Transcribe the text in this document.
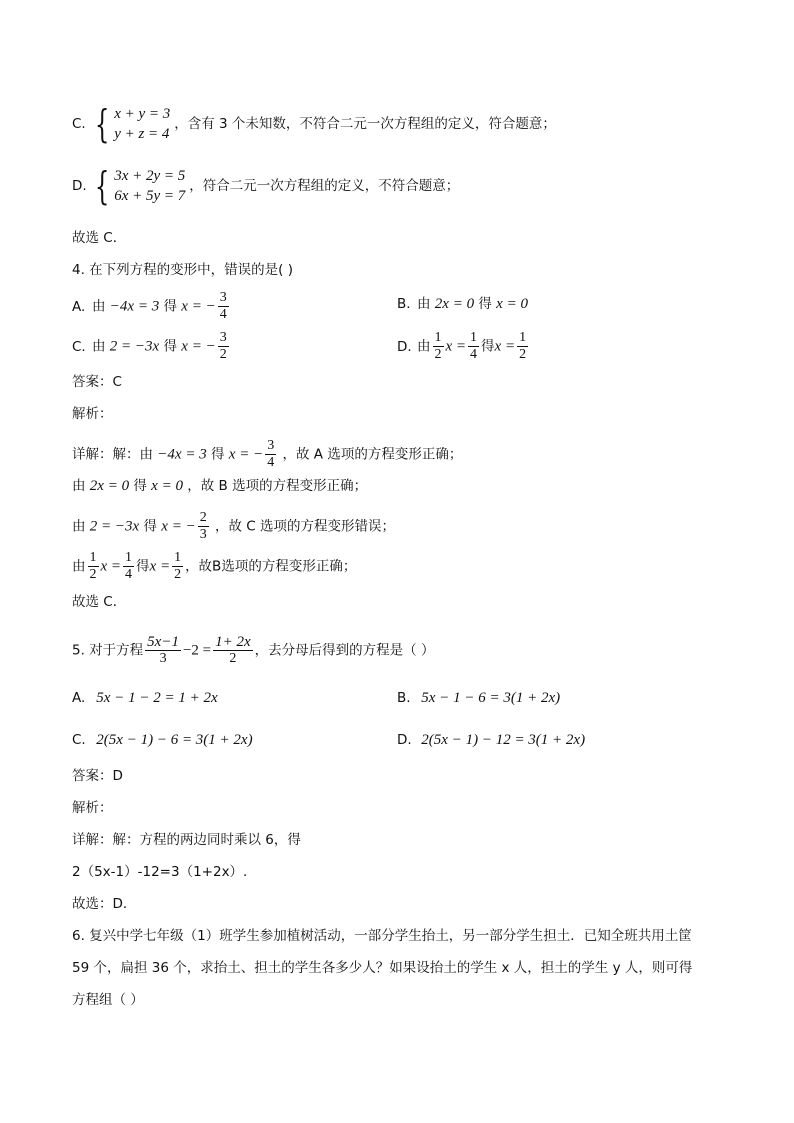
C. { x + y = 3
y + z = 4
，含有 3 个未知数，不符合二元一次方程组的定义，符合题意；
D. { 3x + 2y = 5
6x + 5y = 7
，符合二元一次方程组的定义，不符合题意；
故选 C．
4. 在下列方程的变形中，错误的是( )
A. 由 −4x = 3 得 x = − $\frac{3}{4}$	B. 由 2x = 0 得 x = 0
C. 由 2 = −3x 得 x = − $\frac{3}{2}$	D. 由 $\frac{1}{2}$ $x = \frac{1}{4}$ 得$x = \frac{1}{2}$
答案：C
解析：
详解：解：由 −4x = 3 得 x = − $\frac{3}{4}$ ，故 A 选项的方程变形正确；
由 2x = 0 得 x = 0 ，故 B 选项的方程变形正确；
由 2 = −3x 得 x = − $\frac{2}{3}$ ，故 C 选项的方程变形错误；
由 $\frac{1}{2}$ $x = \frac{1}{4}$ 得$x = \frac{1}{2}$ ，故B选项的方程变形正确；
故选 C．
5. 对于方程 $\frac{5x-1}{3} -2 = \frac{1+ 2x}{2}$ ，去分母后得到的方程是（ ）
A. 5x − 1 − 2 = 1 + 2x	B. 5x − 1 − 6 = 3(1 + 2x)
C. 2(5x − 1) − 6 = 3(1 + 2x)	D. 2(5x − 1) − 12 = 3(1 + 2x)
答案：D
解析：
详解：解：方程的两边同时乘以 6，得
2（5x-1）-12=3（1+2x）.
故选：D．
6. 复兴中学七年级（1）班学生参加植树活动，一部分学生抬土，另一部分学生担土．已知全班共用土筐
59 个，扁担 36 个，求抬土、担土的学生各多少人？如果设抬土的学生 x 人，担土的学生 y 人，则可得
方程组（ ）
